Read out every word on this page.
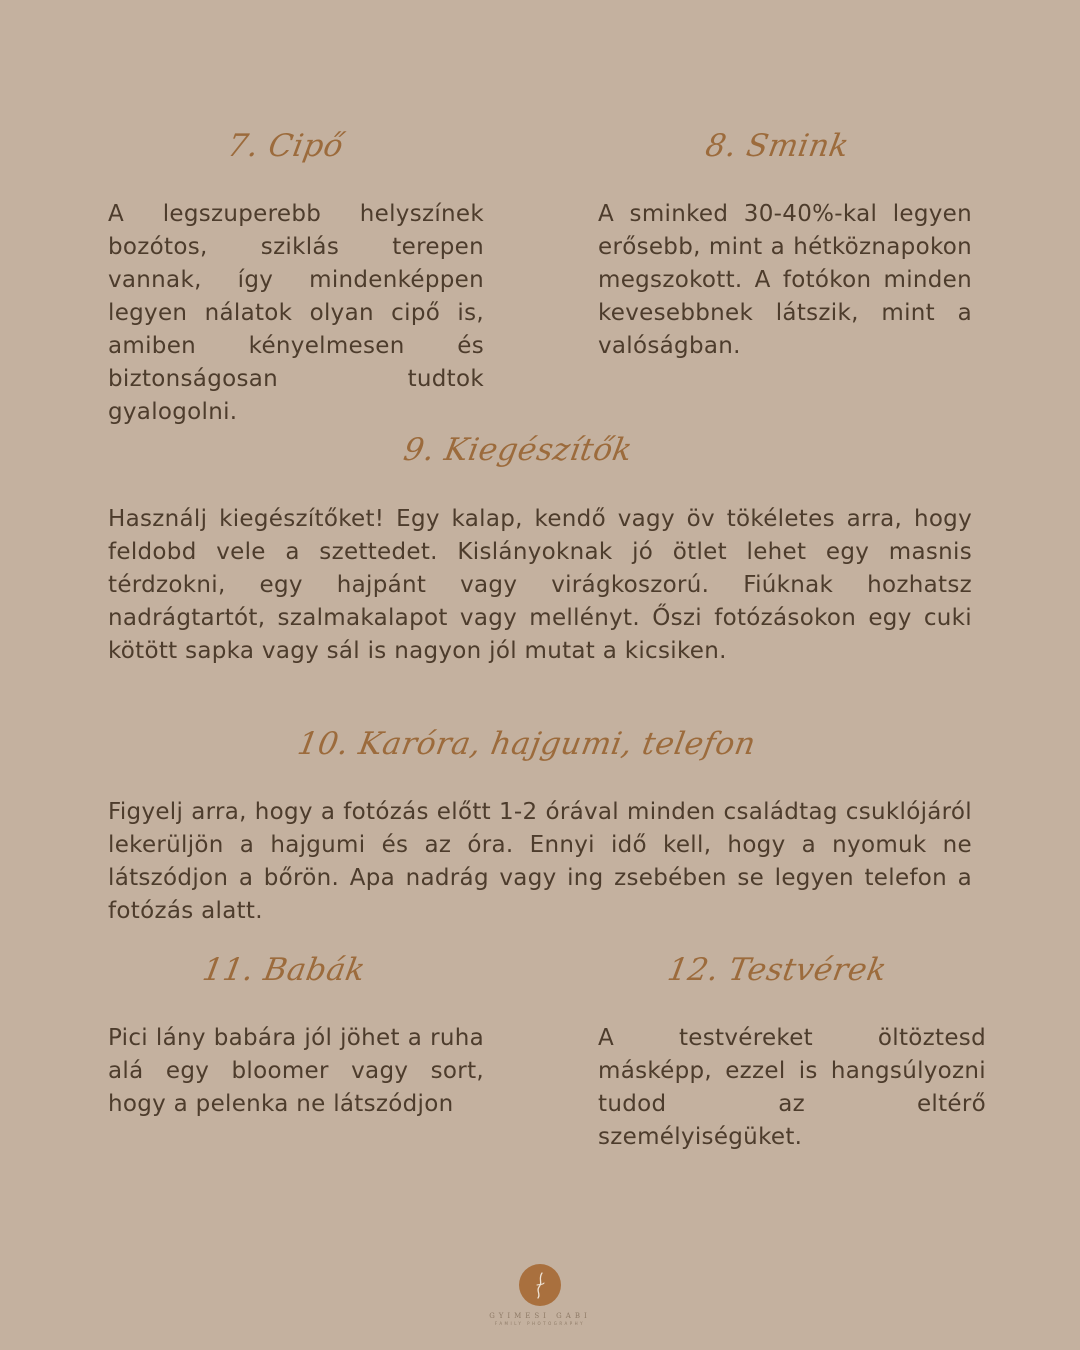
7. Cipő

A legszuperebb helyszínek bozótos, sziklás terepen vannak, így mindenképpen legyen nálatok olyan cipő is, amiben kényelmesen és biztonságosan tudtok gyalogolni.

8. Smink

A sminked 30-40%-kal legyen erősebb, mint a hétköznapokon megszokott. A fotókon minden kevesebbnek látszik, mint a valóságban.

9. Kiegészítők

Használj kiegészítőket! Egy kalap, kendő vagy öv tökéletes arra, hogy feldobd vele a szettedet. Kislányoknak jó ötlet lehet egy masnis térdzokni, egy hajpánt vagy virágkoszorú. Fiúknak hozhatsz nadrágtartót, szalmakalapot vagy mellényt. Őszi fotózásokon egy cuki kötött sapka vagy sál is nagyon jól mutat a kicsiken.

10. Karóra, hajgumi, telefon

Figyelj arra, hogy a fotózás előtt 1-2 órával minden családtag csuklójáról lekerüljön a hajgumi és az óra. Ennyi idő kell, hogy a nyomuk ne látszódjon a bőrön. Apa nadrág vagy ing zsebében se legyen telefon a fotózás alatt.

11. Babák

Pici lány babára jól jöhet a ruha alá egy bloomer vagy sort, hogy a pelenka ne látszódjon

12. Testvérek

A testvéreket öltöztesd másképp, ezzel is hangsúlyozni tudod az eltérő személyiségüket.

GYIMESI GABI
FAMILY PHOTOGRAPHY
